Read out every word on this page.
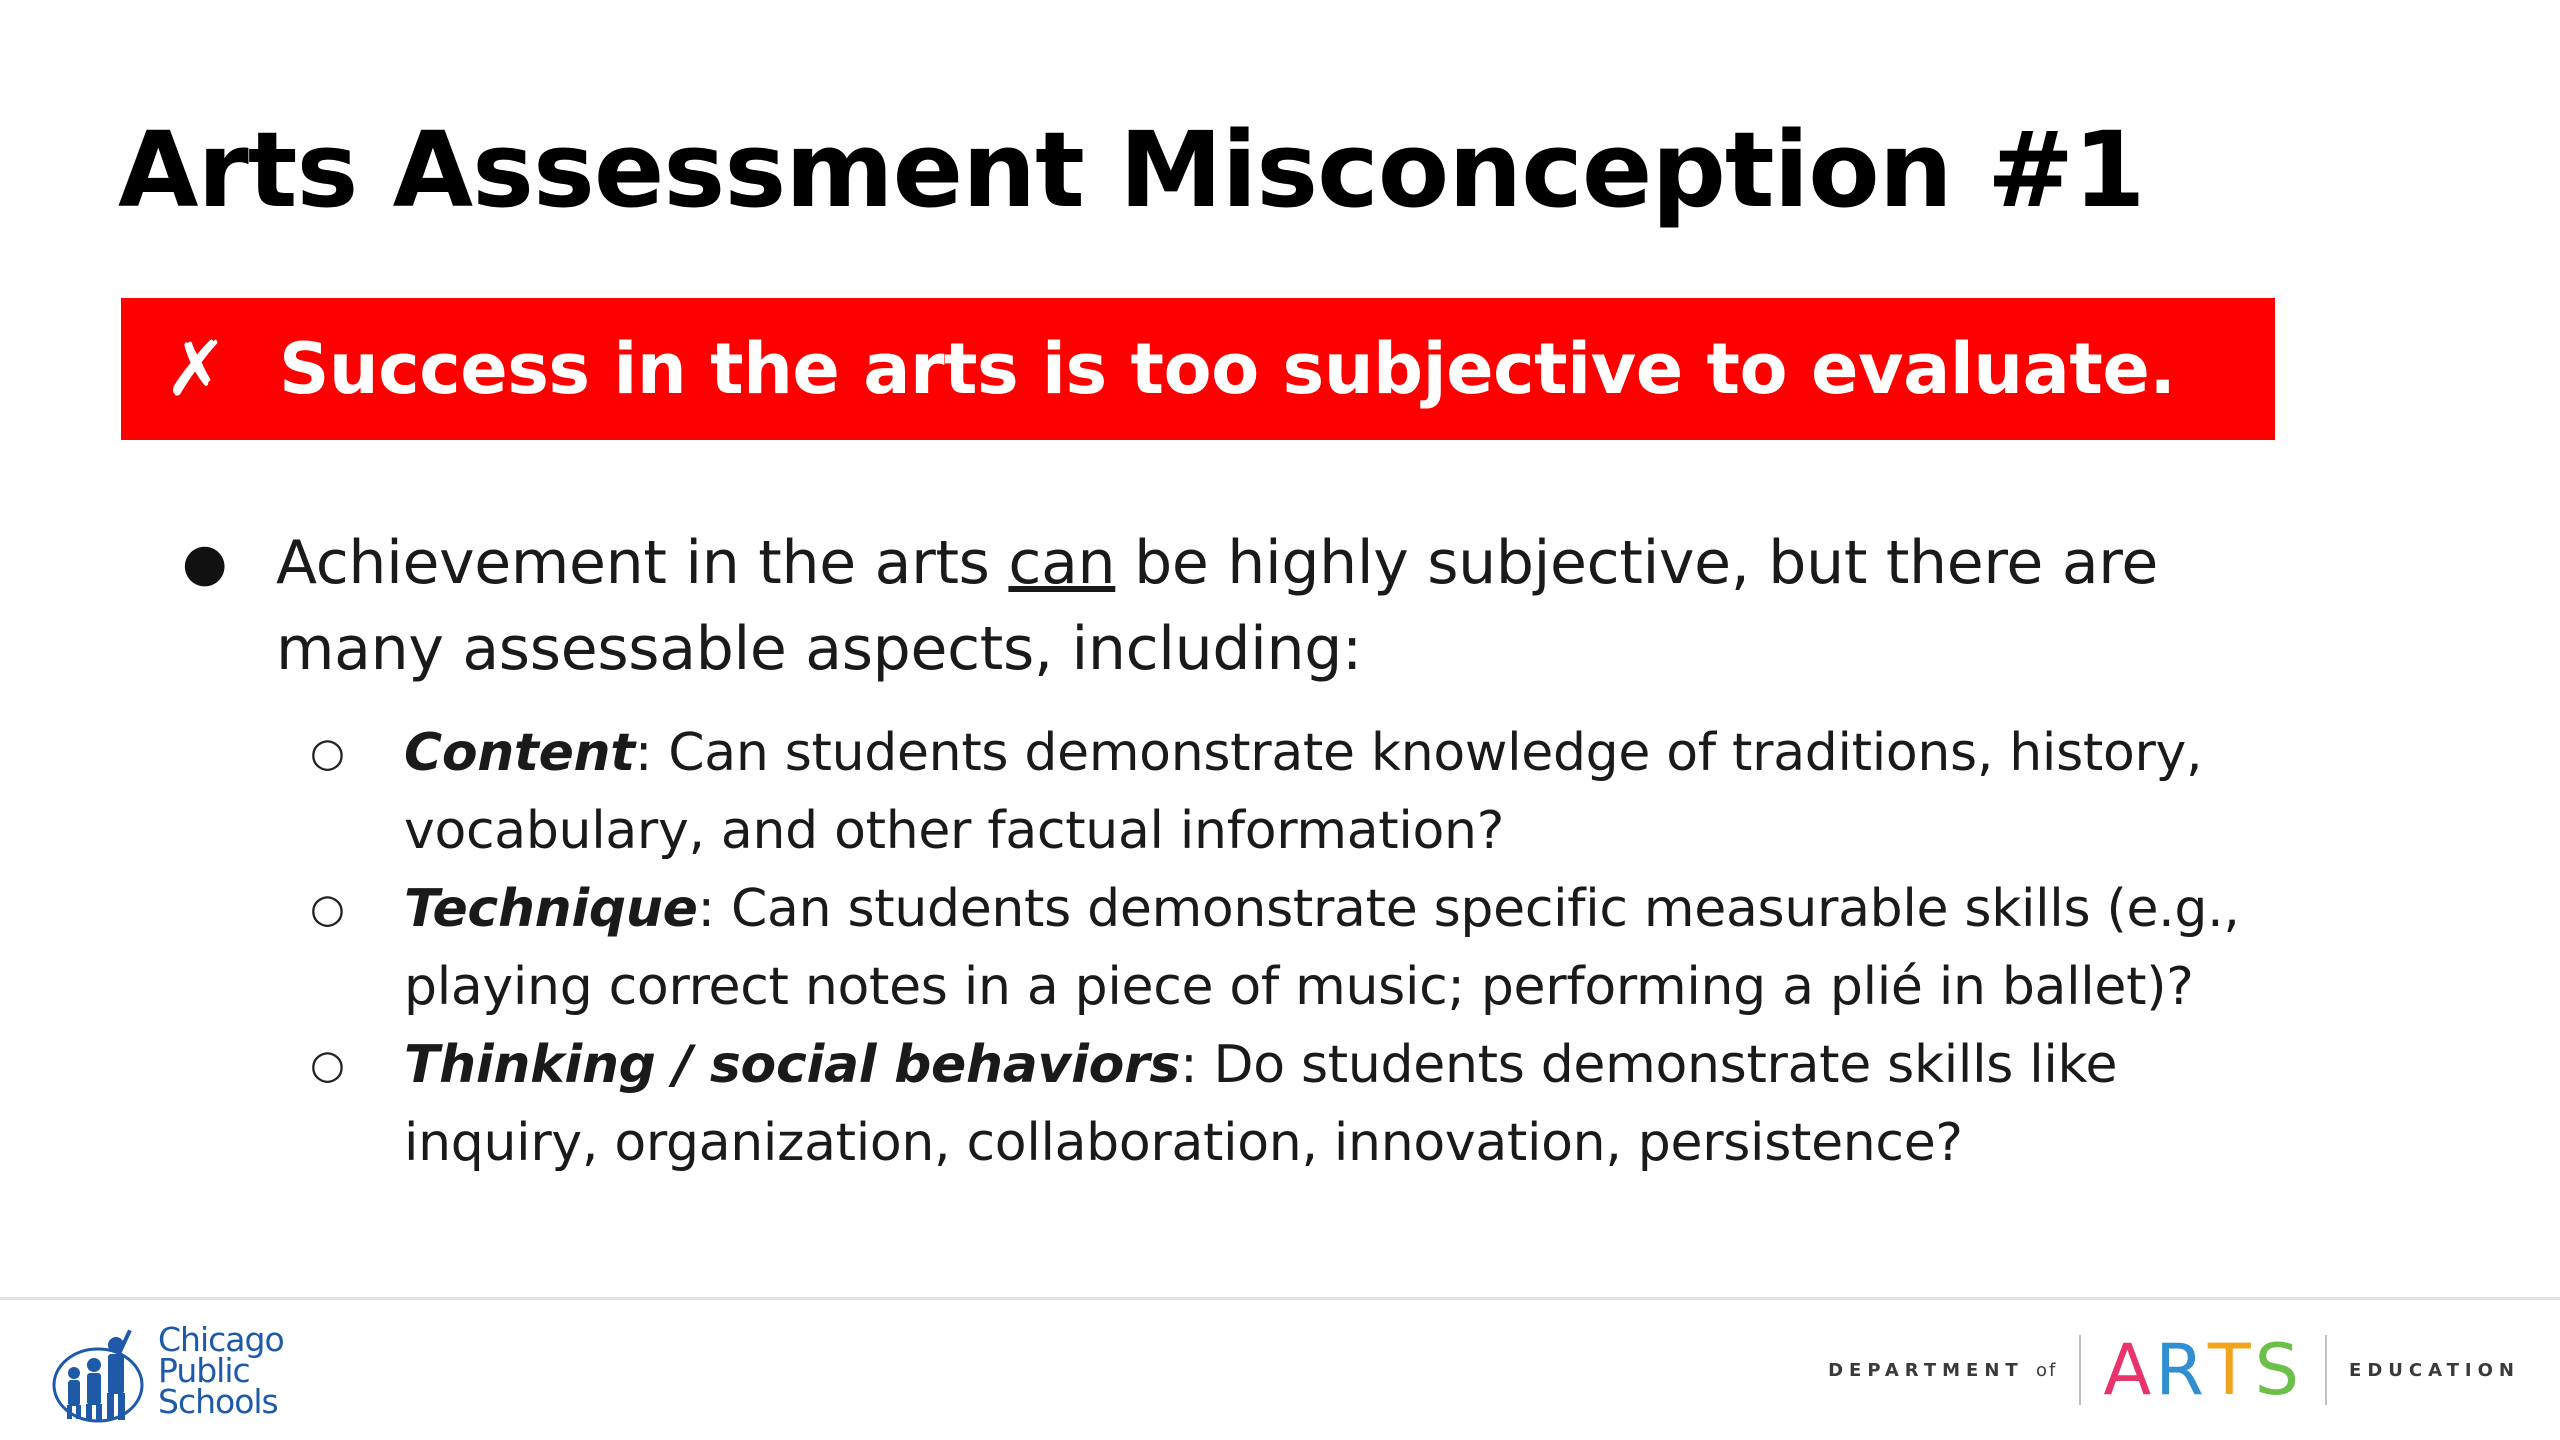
Arts Assessment Misconception #1
✗ Success in the arts is too subjective to evaluate.
● Achievement in the arts can be highly subjective, but there are many assessable aspects, including:
○ Content: Can students demonstrate knowledge of traditions, history, vocabulary, and other factual information?
○ Technique: Can students demonstrate specific measurable skills (e.g., playing correct notes in a piece of music; performing a plié in ballet)?
○ Thinking / social behaviors: Do students demonstrate skills like inquiry, organization, collaboration, innovation, persistence?
Chicago
Public
Schools
DEPARTMENT of ARTS	EDUCATION
